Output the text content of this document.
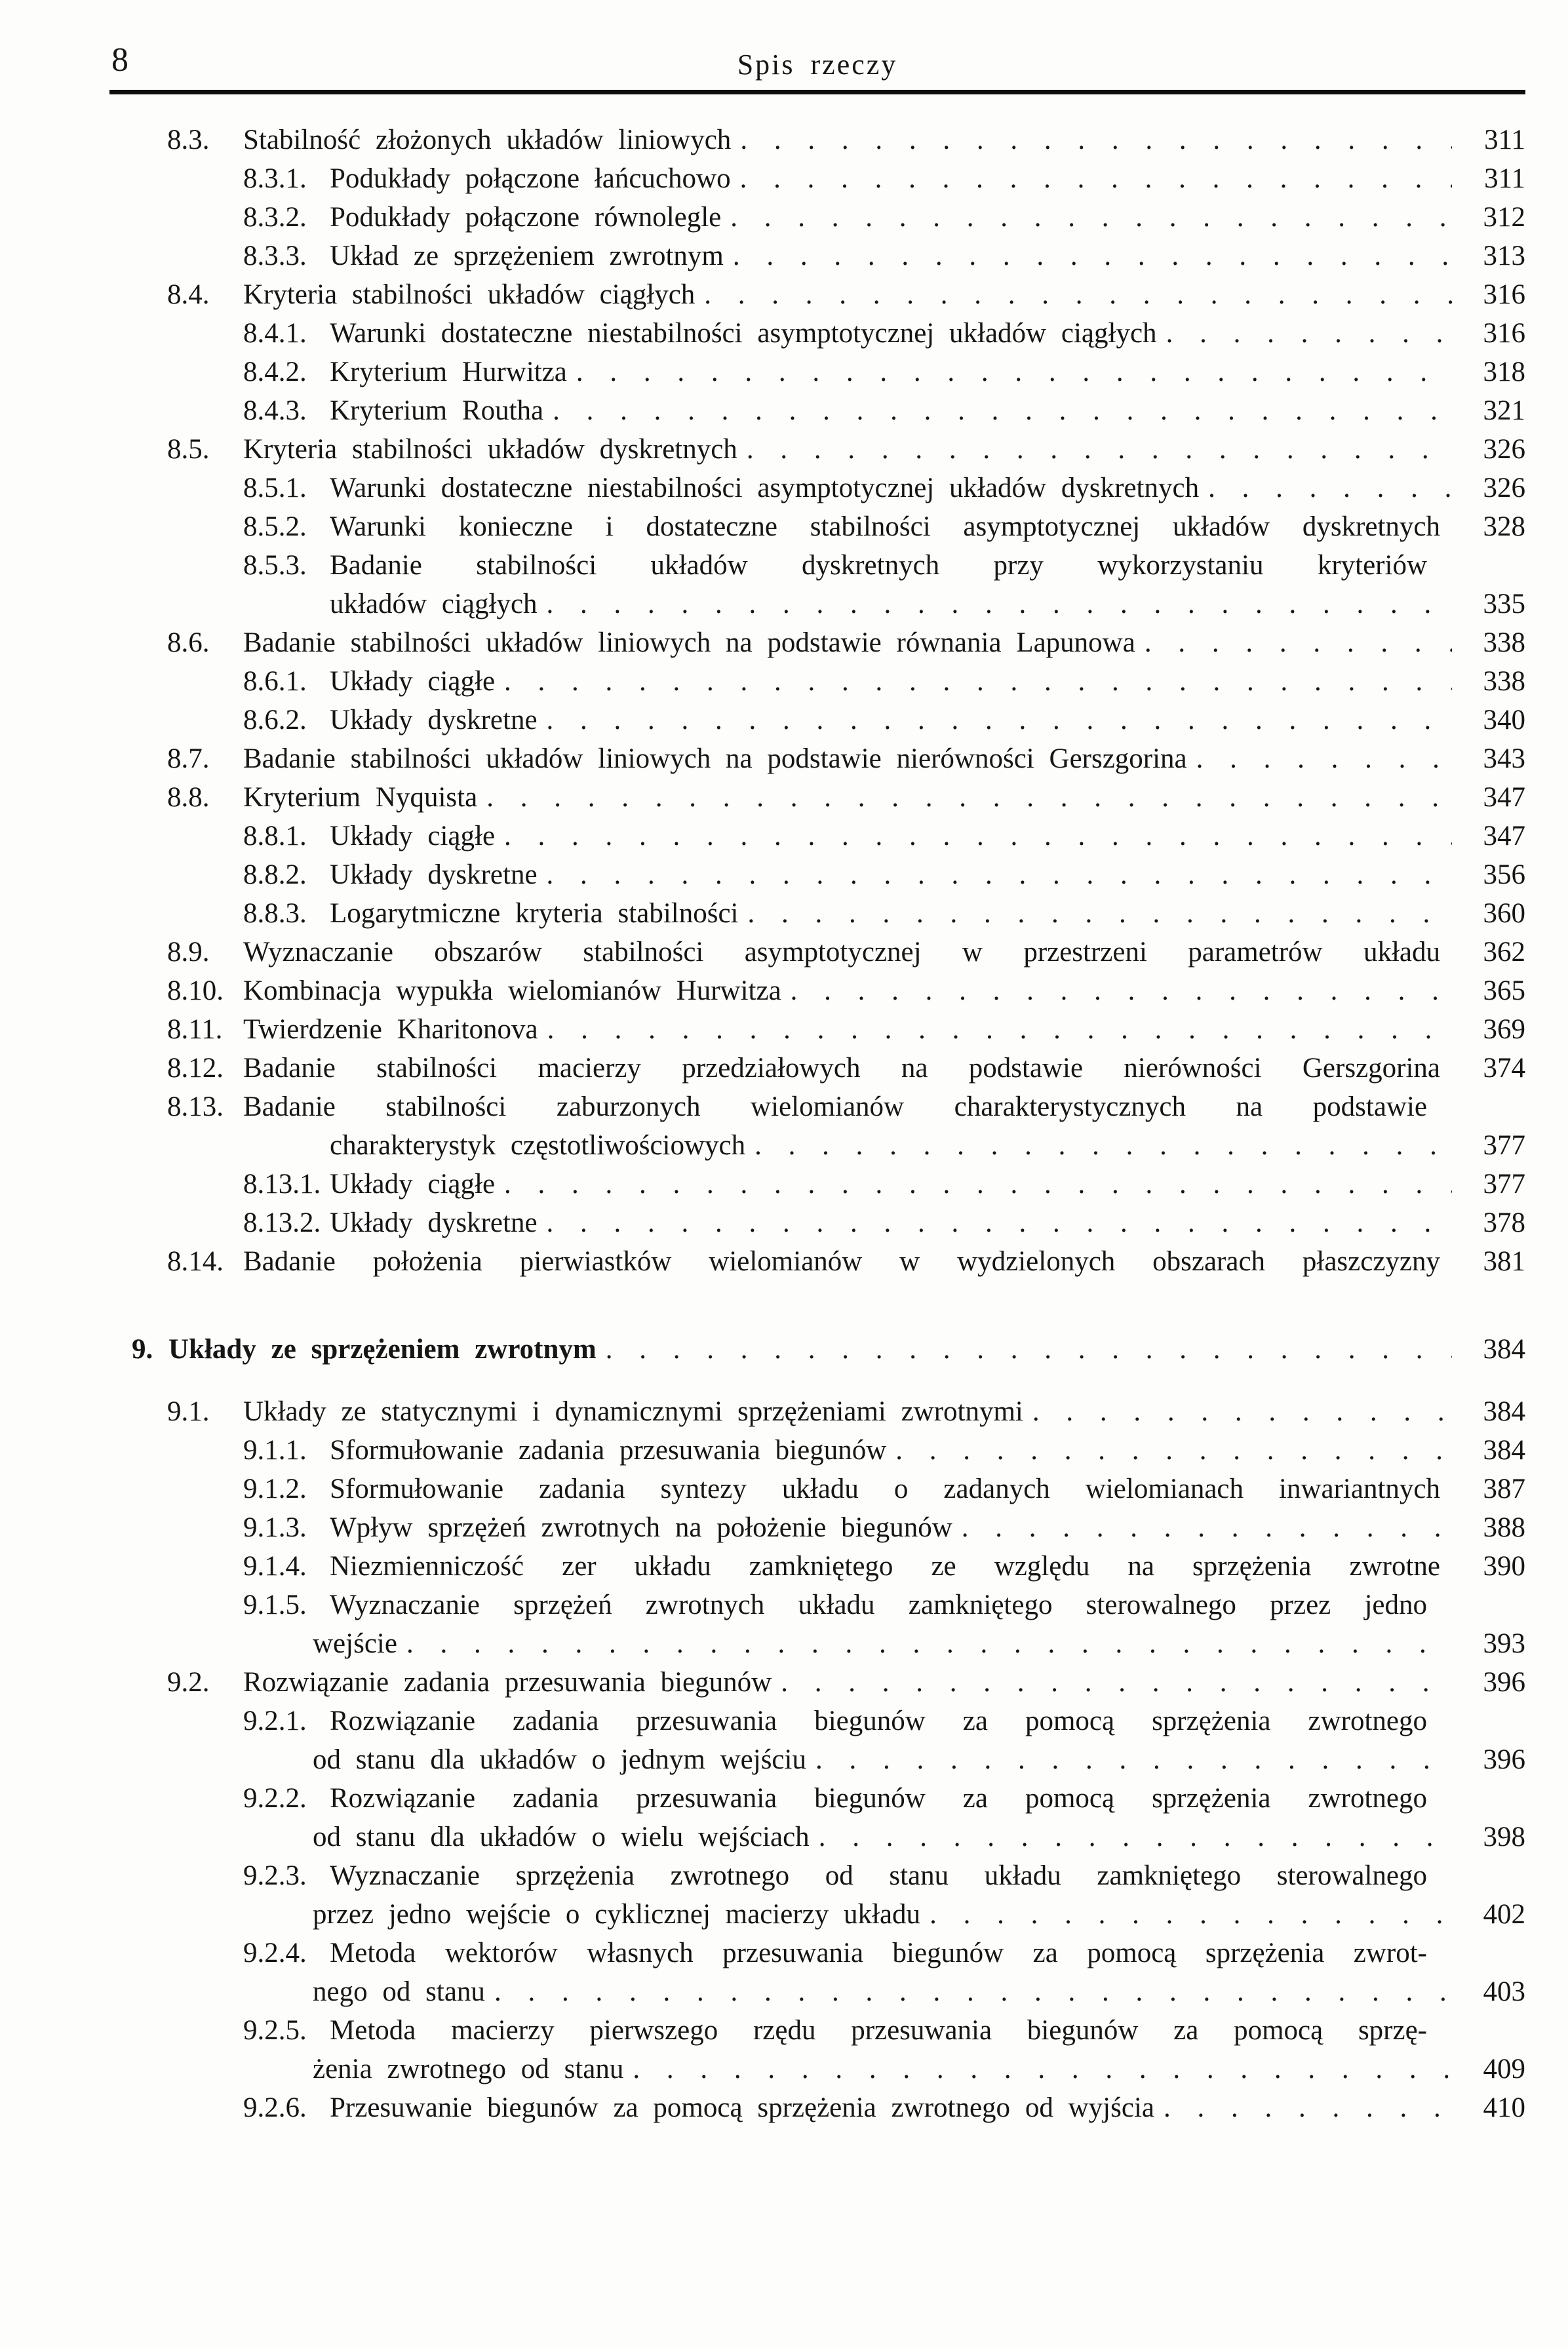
8	Spis rzeczy
8.3.	Stabilność złożonych układów liniowych . . .	311
8.3.1. Podukłady połączone łańcuchowo . . .	311
8.3.2. Podukłady połączone równolegle . . .	312
8.3.3. Układ ze sprzężeniem zwrotnym . . .	313
8.4.	Kryteria stabilności układów ciągłych . . .	316
8.4.1. Warunki dostateczne niestabilności asymptotycznej układów ciągłych . . .	316
8.4.2. Kryterium Hurwitza . . .	318
8.4.3. Kryterium Routha . . .	321
8.5.	Kryteria stabilności układów dyskretnych . . .	326
8.5.1. Warunki dostateczne niestabilności asymptotycznej układów dyskretnych . . .	326
8.5.2. Warunki konieczne i dostateczne stabilności asymptotycznej układów dyskretnych	328
8.5.3. Badanie stabilności układów dyskretnych przy wykorzystaniu kryteriów
układów ciągłych . . .	335
8.6.	Badanie stabilności układów liniowych na podstawie równania Lapunowa . . .	338
8.6.1. Układy ciągłe . . .	338
8.6.2. Układy dyskretne . . .	340
8.7.	Badanie stabilności układów liniowych na podstawie nierówności Gerszgorina . . .	343
8.8.	Kryterium Nyquista . . .	347
8.8.1. Układy ciągłe . . .	347
8.8.2. Układy dyskretne . . .	356
8.8.3. Logarytmiczne kryteria stabilności . . .	360
8.9.	Wyznaczanie obszarów stabilności asymptotycznej w przestrzeni parametrów układu	362
8.10. Kombinacja wypukła wielomianów Hurwitza . . .	365
8.11. Twierdzenie Kharitonova . . .	369
8.12. Badanie stabilności macierzy przedziałowych na podstawie nierówności Gerszgorina	374
8.13. Badanie stabilności zaburzonych wielomianów charakterystycznych na podstawie
charakterystyk częstotliwościowych . . .	377
8.13.1. Układy ciągłe . . .	377
8.13.2. Układy dyskretne . . .	378
8.14. Badanie położenia pierwiastków wielomianów w wydzielonych obszarach płaszczyzny	381
9. Układy ze sprzężeniem zwrotnym . . .	384
9.1.	Układy ze statycznymi i dynamicznymi sprzężeniami zwrotnymi . . .	384
9.1.1. Sformułowanie zadania przesuwania biegunów . . .	384
9.1.2. Sformułowanie zadania syntezy układu o zadanych wielomianach inwariantnych	387
9.1.3. Wpływ sprzężeń zwrotnych na położenie biegunów . . .	388
9.1.4. Niezmienniczość zer układu zamkniętego ze względu na sprzężenia zwrotne	390
9.1.5. Wyznaczanie sprzężeń zwrotnych układu zamkniętego sterowalnego przez jedno
wejście . . .	393
9.2.	Rozwiązanie zadania przesuwania biegunów . . .	396
9.2.1. Rozwiązanie zadania przesuwania biegunów za pomocą sprzężenia zwrotnego
od stanu dla układów o jednym wejściu . . .	396
9.2.2. Rozwiązanie zadania przesuwania biegunów za pomocą sprzężenia zwrotnego
od stanu dla układów o wielu wejściach . . .	398
9.2.3. Wyznaczanie sprzężenia zwrotnego od stanu układu zamkniętego sterowalnego
przez jedno wejście o cyklicznej macierzy układu . . .	402
9.2.4. Metoda wektorów własnych przesuwania biegunów za pomocą sprzężenia zwrot-
nego od stanu . . .	403
9.2.5. Metoda macierzy pierwszego rzędu przesuwania biegunów za pomocą sprzę-
żenia zwrotnego od stanu . . .	409
9.2.6. Przesuwanie biegunów za pomocą sprzężenia zwrotnego od wyjścia . . .	410
